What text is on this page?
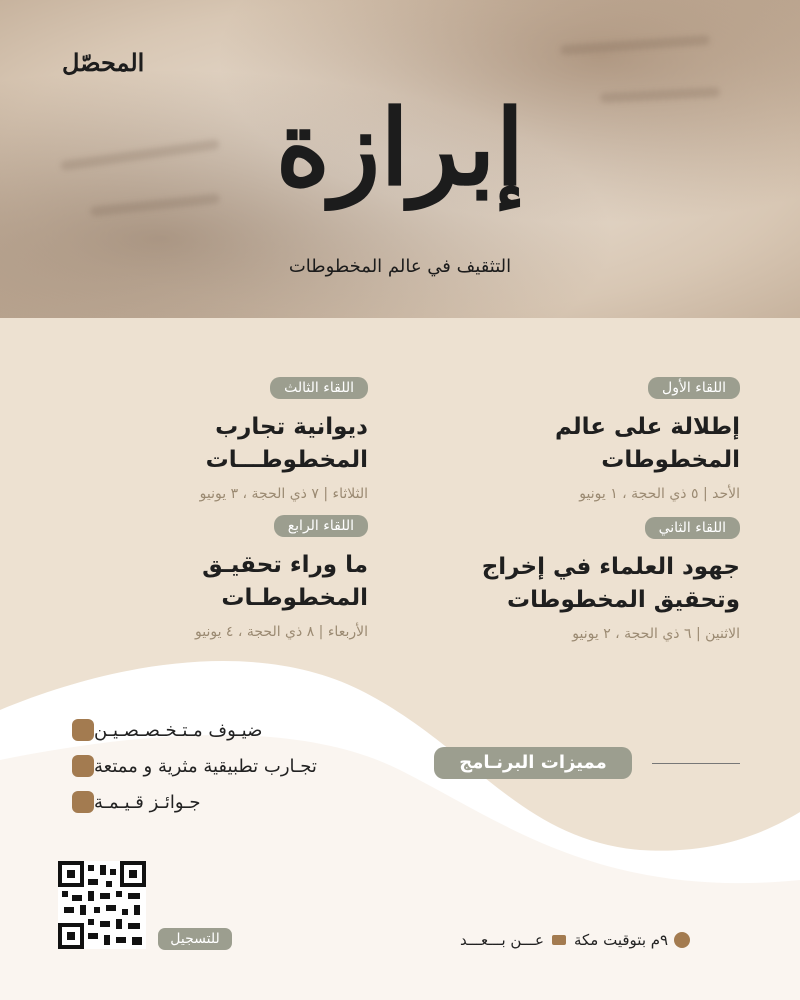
المحصّل
إبرازة
التثقيف في عالم المخطوطات
اللقاء الأول
إطلالة على عالم المخطوطات
الأحد | ٥ ذي الحجة ، ١ يونيو
اللقاء الثاني
جهود العلماء في إخراج وتحقيق المخطوطات
الاثنين | ٦ ذي الحجة ، ٢ يونيو
اللقاء الثالث
ديوانية تجارب المخطوطـــات
الثلاثاء | ٧ ذي الحجة ، ٣ يونيو
اللقاء الرابع
ما وراء تحقيـق المخطوطـات
الأربعاء | ٨ ذي الحجة ، ٤ يونيو
ضيـوف مـتـخـصـصـيـن
تجـارب تطبيقية مثرية و ممتعة
جـوائـز قـيـمـة
مميزات البرنـامج
للتسجيل	٩م بتوقيت مكة
عـــن بـــعـــد
